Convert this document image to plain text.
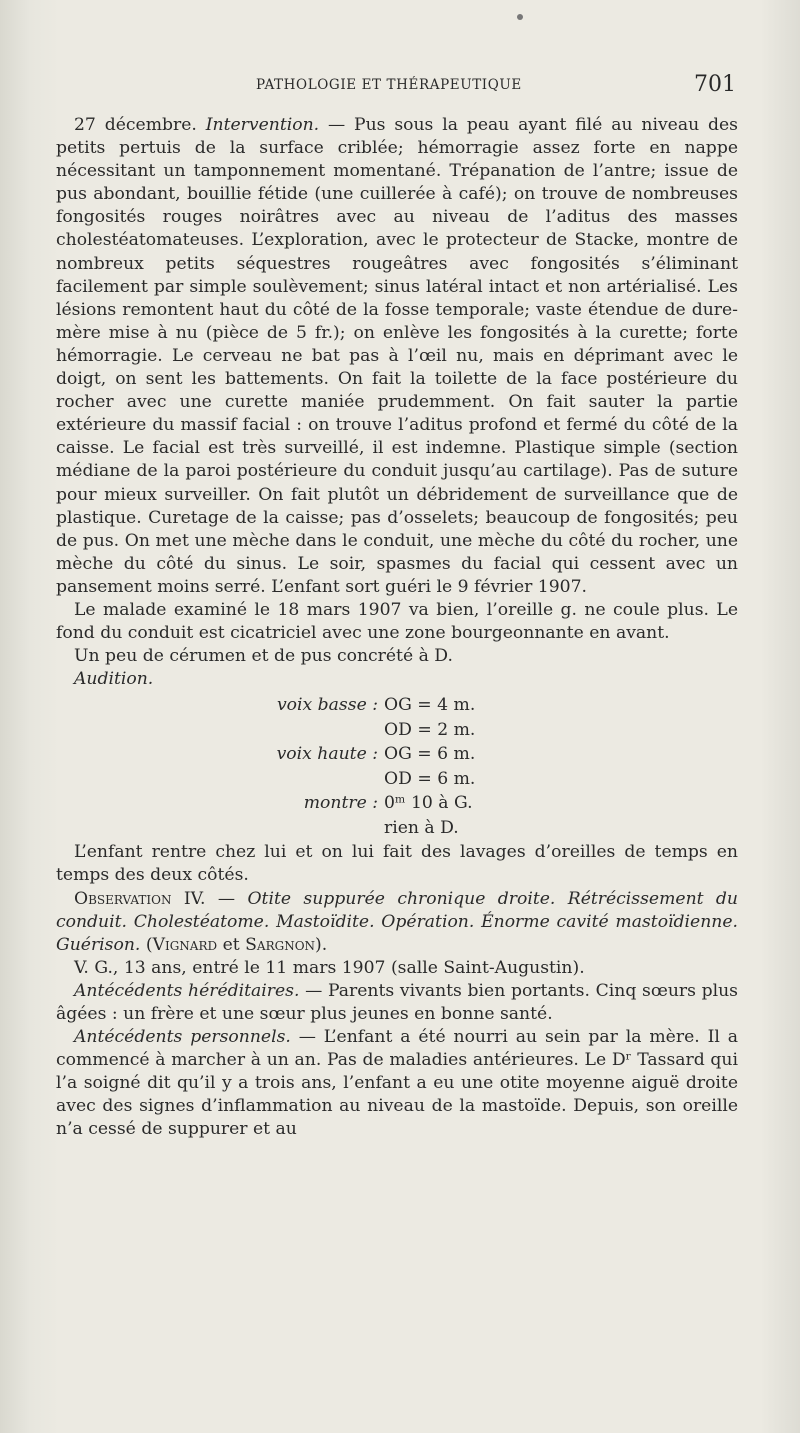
PATHOLOGIE ET THÉRAPEUTIQUE	701

27 décembre. Intervention. — Pus sous la peau ayant filé au niveau des petits pertuis de la surface criblée; hémorragie assez forte en nappe nécessitant un tamponnement momentané. Trépanation de l’antre; issue de pus abondant, bouillie fétide (une cuillerée à café); on trouve de nombreuses fongosités rouges noirâtres avec au niveau de l’aditus des masses cholestéatomateuses. L’exploration, avec le protecteur de Stacke, montre de nombreux petits séquestres rougeâtres avec fongosités s’éliminant facilement par simple soulèvement; sinus latéral intact et non artérialisé. Les lésions remontent haut du côté de la fosse temporale; vaste étendue de dure-mère mise à nu (pièce de 5 fr.); on enlève les fongosités à la curette; forte hémorragie. Le cerveau ne bat pas à l’œil nu, mais en déprimant avec le doigt, on sent les battements. On fait la toilette de la face postérieure du rocher avec une curette maniée prudemment. On fait sauter la partie extérieure du massif facial : on trouve l’aditus profond et fermé du côté de la caisse. Le facial est très surveillé, il est indemne. Plastique simple (section médiane de la paroi postérieure du conduit jusqu’au cartilage). Pas de suture pour mieux surveiller. On fait plutôt un débridement de surveillance que de plastique. Curetage de la caisse; pas d’osselets; beaucoup de fongosités; peu de pus. On met une mèche dans le conduit, une mèche du côté du rocher, une mèche du côté du sinus. Le soir, spasmes du facial qui cessent avec un pansement moins serré. L’enfant sort guéri le 9 février 1907.

Le malade examiné le 18 mars 1907 va bien, l’oreille g. ne coule plus. Le fond du conduit est cicatriciel avec une zone bourgeonnante en avant.

Un peu de cérumen et de pus concrété à D.

Audition.

voix basse :	OG = 4 m.
	OD = 2 m.
voix haute :	OG = 6 m.
	OD = 6 m.
montre :	0ᵐ 10 à G.
	rien à D.

L’enfant rentre chez lui et on lui fait des lavages d’oreilles de temps en temps des deux côtés.

Observation IV. — Otite suppurée chronique droite. Rétrécissement du conduit. Cholestéatome. Mastoïdite. Opération. Énorme cavité mastoïdienne. Guérison. (Vignard et Sargnon).

V. G., 13 ans, entré le 11 mars 1907 (salle Saint-Augustin).

Antécédents héréditaires. — Parents vivants bien portants. Cinq sœurs plus âgées : un frère et une sœur plus jeunes en bonne santé.

Antécédents personnels. — L’enfant a été nourri au sein par la mère. Il a commencé à marcher à un an. Pas de maladies antérieures. Le Dʳ Tassard qui l’a soigné dit qu’il y a trois ans, l’enfant a eu une otite moyenne aiguë droite avec des signes d’inflammation au niveau de la mastoïde. Depuis, son oreille n’a cessé de suppurer et au
